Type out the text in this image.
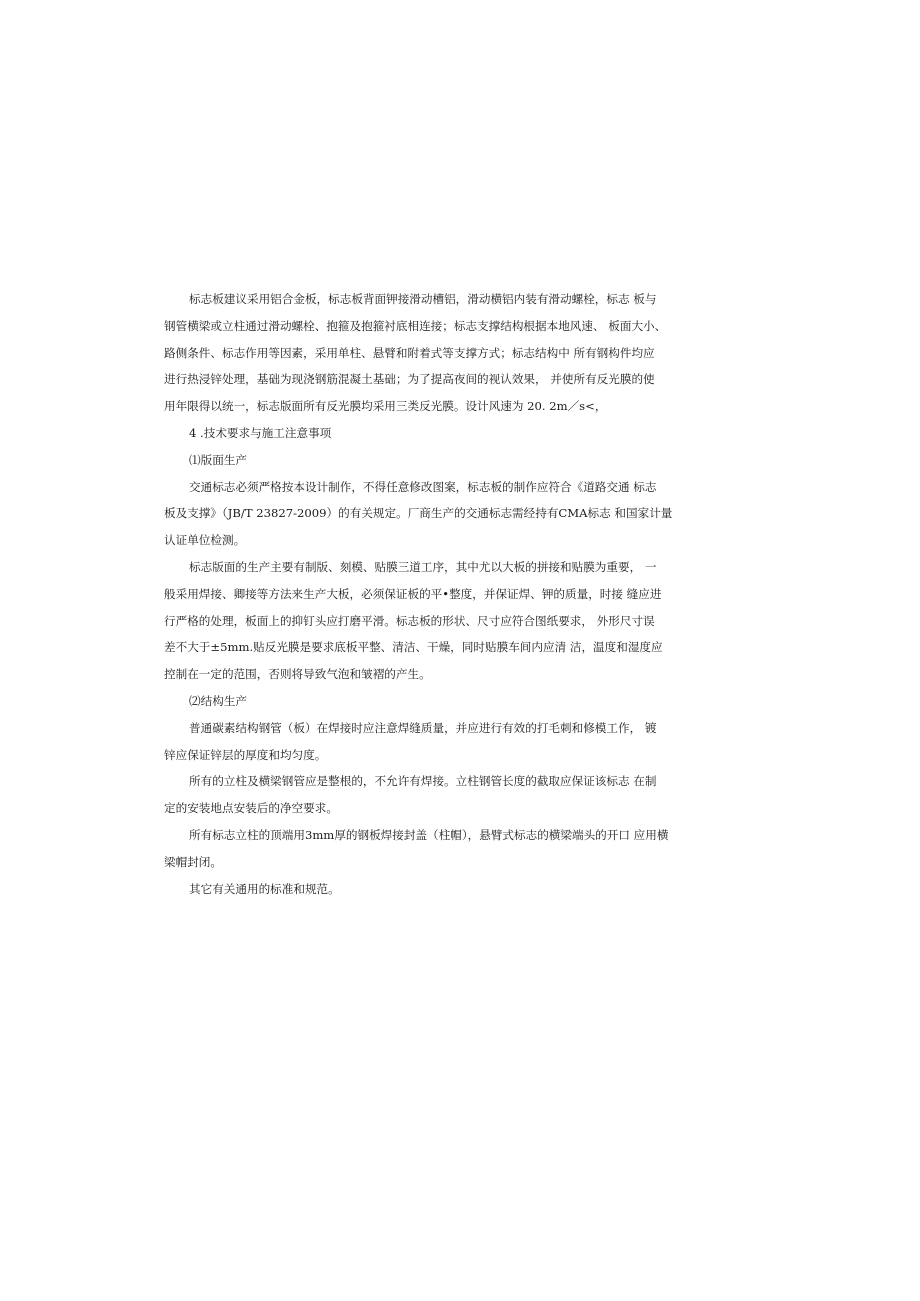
标志板建议采用铝合金板，标志板背面钾接滑动槽铝，滑动横铝内装有滑动螺栓，标志 板与
钢管横梁或立柱通过滑动螺栓、抱箍及抱箍衬底相连接；标志支撑结构根据本地风速、 板面大小、
路侧条件、标志作用等因素，采用单柱、悬臂和附着式等支撑方式；标志结构中 所有钢构件均应
进行热浸锌处理，基础为现浇钢筋混凝土基础；为了提高夜间的视认效果， 并使所有反光膜的使
用年限得以统一，标志版面所有反光膜均采用三类反光膜。设计风速为 20. 2m／s<，
4 .技术要求与施工注意事项
⑴版面生产
交通标志必须严格按本设计制作，不得任意修改图案，标志板的制作应符合《道路交通 标志
板及支撑》（JB/T 23827-2009）的有关规定。厂商生产的交通标志需经持有CMA标志 和国家计量
认证单位检测。
标志版面的生产主要有制版、刻模、贴膜三道工序，其中尤以大板的拼接和贴膜为重要， 一
般采用焊接、卿接等方法来生产大板，必须保证板的平•整度，并保证焊、钾的质量，时接 缝应进
行严格的处理，板面上的抑钉头应打磨平滑。标志板的形状、尺寸应符合图纸要求， 外形尺寸误
差不大于±5mm.贴反光膜是要求底板平整、清洁、干燥，同时贴膜车间内应清 洁，温度和湿度应
控制在一定的范围，否则将导致气泡和皱褶的产生。
⑵结构生产
普通碳素结构钢管（板）在焊接时应注意焊缝质量，并应进行有效的打毛刺和修模工作， 镀
锌应保证锌层的厚度和均匀度。
所有的立柱及横梁钢管应是整根的，不允许有焊接。立柱钢管长度的截取应保证该标志 在制
定的安装地点安装后的净空要求。
所有标志立柱的顶端用3mm厚的钢板焊接封盖（柱帽），悬臂式标志的横梁端头的开口 应用横
梁帽封闭。
其它有关通用的标准和规范。
